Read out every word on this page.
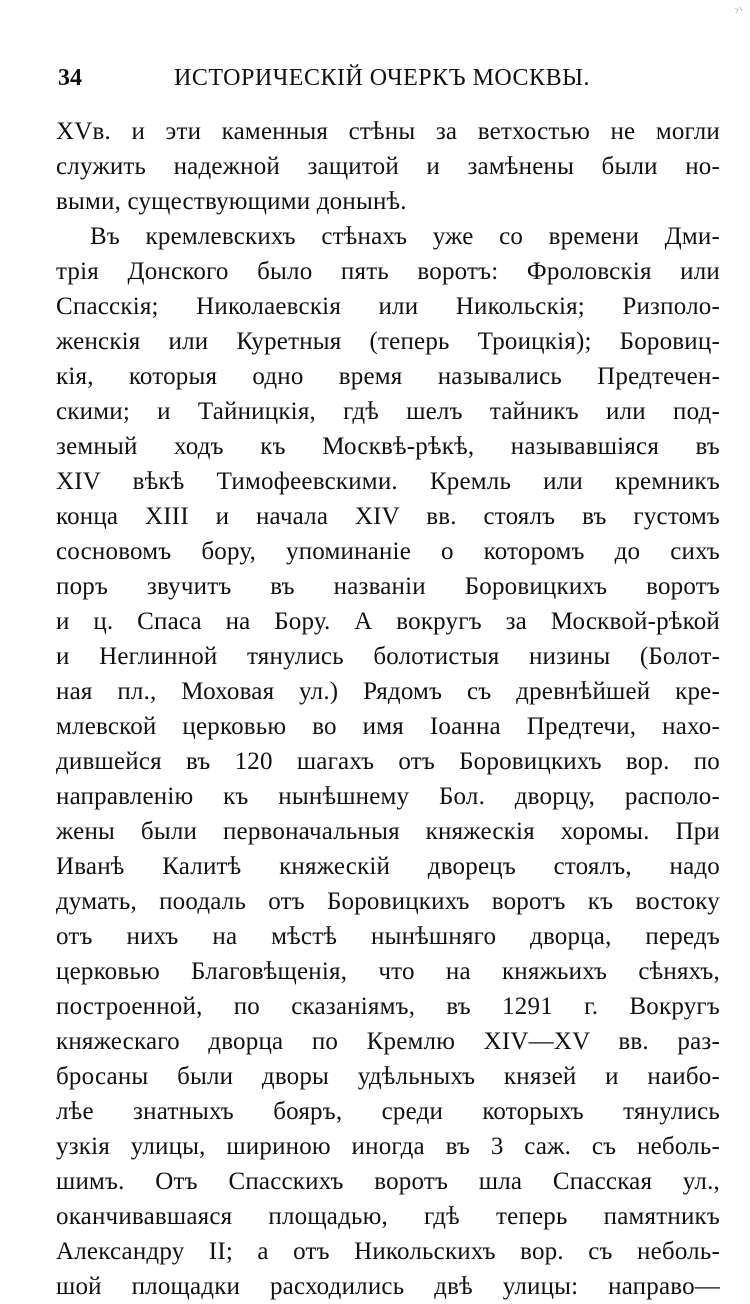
34	ИСТОРИЧЕСКІЙ ОЧЕРКЪ МОСКВЫ.
XVв. и эти каменныя стѣны за ветхостью не могли
служить надежной защитой и замѣнены были но-
выми, существующими донынѣ.
Въ кремлевскихъ стѣнахъ уже со времени Дми-
трія Донского было пять воротъ: Фроловскія или
Спасскія; Николаевскія или Никольскія; Ризполо-
женскія или Куретныя (теперь Троицкія); Боровиц-
кія, которыя одно время назывались Предтечен-
скими; и Тайницкія, гдѣ шелъ тайникъ или под-
земный ходъ къ Москвѣ-рѣкѣ, называвшіяся въ
XIV вѣкѣ Тимофеевскими. Кремль или кремникъ
конца XIII и начала XIV вв. стоялъ въ густомъ
сосновомъ бору, упоминаніе о которомъ до сихъ
поръ звучитъ въ названіи Боровицкихъ воротъ
и ц. Спаса на Бору. А вокругъ за Москвой-рѣкой
и Неглинной тянулись болотистыя низины (Болот-
ная пл., Моховая ул.) Рядомъ съ древнѣйшей кре-
млевской церковью во имя Іоанна Предтечи, нахо-
дившейся въ 120 шагахъ отъ Боровицкихъ вор. по
направленію къ нынѣшнему Бол. дворцу, располо-
жены были первоначальныя княжескія хоромы. При
Иванѣ Калитѣ княжескій дворецъ стоялъ, надо
думать, поодаль отъ Боровицкихъ воротъ къ востоку
отъ нихъ на мѣстѣ нынѣшняго дворца, передъ
церковью Благовѣщенія, что на княжьихъ сѣняхъ,
построенной, по сказаніямъ, въ 1291 г. Вокругъ
княжескаго дворца по Кремлю XIV—XV вв. раз-
бросаны были дворы удѣльныхъ князей и наибо-
лѣе знатныхъ бояръ, среди которыхъ тянулись
узкія улицы, шириною иногда въ 3 саж. съ неболь-
шимъ. Отъ Спасскихъ воротъ шла Спасская ул.,
оканчивавшаяся площадью, гдѣ теперь памятникъ
Александру II; а отъ Никольскихъ вор. съ неболь-
шой площадки расходились двѣ улицы: направо—
